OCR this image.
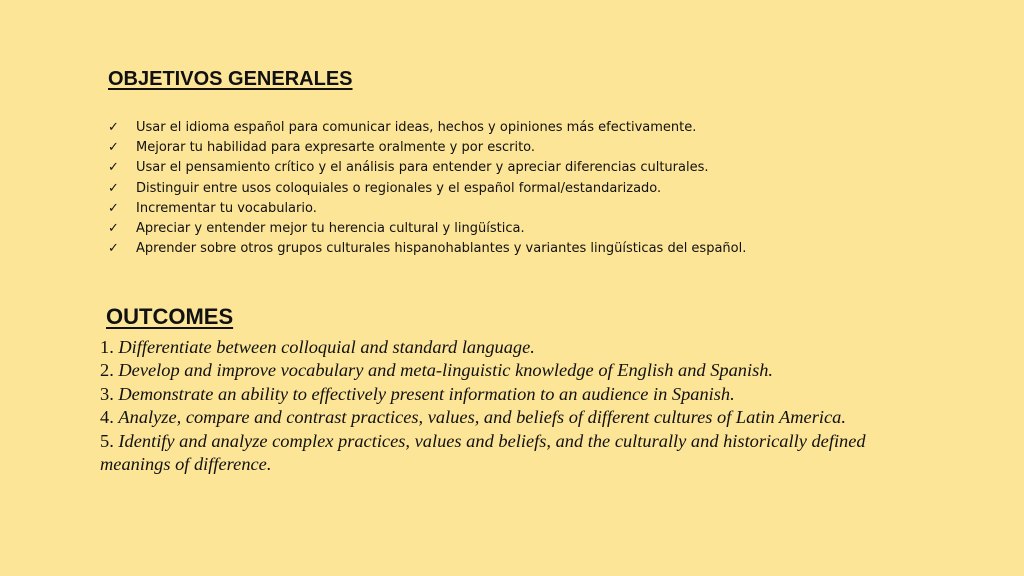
OBJETIVOS GENERALES
✓	Usar el idioma español para comunicar ideas, hechos y opiniones más efectivamente.
✓	Mejorar tu habilidad para expresarte oralmente y por escrito.
✓	Usar el pensamiento crítico y el análisis para entender y apreciar diferencias culturales.
✓	Distinguir entre usos coloquiales o regionales y el español formal/estandarizado.
✓	Incrementar tu vocabulario.
✓	Apreciar y entender mejor tu herencia cultural y lingüística.
✓	Aprender sobre otros grupos culturales hispanohablantes y variantes lingüísticas del español.
OUTCOMES
1. Differentiate between colloquial and standard language.
2. Develop and improve vocabulary and meta-linguistic knowledge of English and Spanish.
3. Demonstrate an ability to effectively present information to an audience in Spanish.
4. Analyze, compare and contrast practices, values, and beliefs of different cultures of Latin America.
5. Identify and analyze complex practices, values and beliefs, and the culturally and historically defined meanings of difference.
